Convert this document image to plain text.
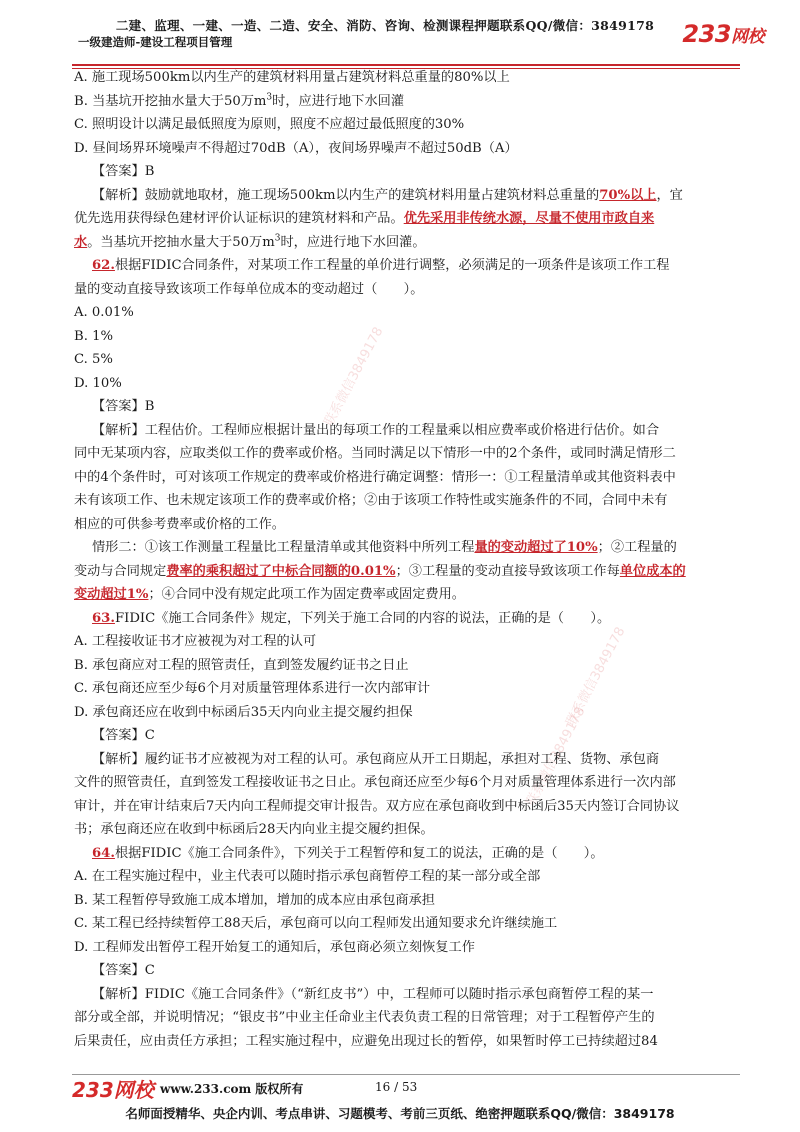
二建、监理、一建、一造、二造、安全、消防、咨询、检测课程押题联系QQ/微信：3849178
一级建造师-建设工程项目管理	233网校
联系微信3849178
联系微信3849178
联系微信3849178
A. 施工现场500km以内生产的建筑材料用量占建筑材料总重量的80%以上
B. 当基坑开挖抽水量大于50万$m^3$时，应进行地下水回灌
C. 照明设计以满足最低照度为原则，照度不应超过最低照度的30%
D. 昼间场界环境噪声不得超过70dB（A），夜间场界噪声不超过50dB（A）
【答案】B
【解析】鼓励就地取材，施工现场500km以内生产的建筑材料用量占建筑材料总重量的70%以上，宜
优先选用获得绿色建材评价认证标识的建筑材料和产品。优先采用非传统水源，尽量不使用市政自来
水。当基坑开挖抽水量大于50万$m^3$时，应进行地下水回灌。
62.根据FIDIC合同条件，对某项工作工程量的单价进行调整，必须满足的一项条件是该项工作工程
量的变动直接导致该项工作每单位成本的变动超过（　　）。
A. 0.01%
B. 1%
C. 5%
D. 10%
【答案】B
【解析】工程估价。工程师应根据计量出的每项工作的工程量乘以相应费率或价格进行估价。如合
同中无某项内容，应取类似工作的费率或价格。当同时满足以下情形一中的2个条件，或同时满足情形二
中的4个条件时，可对该项工作规定的费率或价格进行确定调整：情形一：①工程量清单或其他资料表中
未有该项工作、也未规定该项工作的费率或价格；②由于该项工作特性或实施条件的不同，合同中未有
相应的可供参考费率或价格的工作。
情形二：①该工作测量工程量比工程量清单或其他资料中所列工程量的变动超过了10%；②工程量的
变动与合同规定费率的乘积超过了中标合同额的0.01%；③工程量的变动直接导致该项工作每单位成本的
变动超过1%；④合同中没有规定此项工作为固定费率或固定费用。
63.FIDIC《施工合同条件》规定，下列关于施工合同的内容的说法，正确的是（　　）。
A. 工程接收证书才应被视为对工程的认可
B. 承包商应对工程的照管责任，直到签发履约证书之日止
C. 承包商还应至少每6个月对质量管理体系进行一次内部审计
D. 承包商还应在收到中标函后35天内向业主提交履约担保
【答案】C
【解析】履约证书才应被视为对工程的认可。承包商应从开工日期起，承担对工程、货物、承包商
文件的照管责任，直到签发工程接收证书之日止。承包商还应至少每6个月对质量管理体系进行一次内部
审计，并在审计结束后7天内向工程师提交审计报告。双方应在承包商收到中标函后35天内签订合同协议
书；承包商还应在收到中标函后28天内向业主提交履约担保。
64.根据FIDIC《施工合同条件》，下列关于工程暂停和复工的说法，正确的是（　　）。
A. 在工程实施过程中，业主代表可以随时指示承包商暂停工程的某一部分或全部
B. 某工程暂停导致施工成本增加，增加的成本应由承包商承担
C. 某工程已经持续暂停工88天后，承包商可以向工程师发出通知要求允许继续施工
D. 工程师发出暂停工程开始复工的通知后，承包商必须立刻恢复工作
【答案】C
【解析】FIDIC《施工合同条件》（“新红皮书”）中，工程师可以随时指示承包商暂停工程的某一
部分或全部，并说明情况；“银皮书”中业主任命业主代表负责工程的日常管理；对于工程暂停产生的
后果责任，应由责任方承担；工程实施过程中，应避免出现过长的暂停，如果暂时停工已持续超过84
233网校 www.233.com 版权所有	16 / 53
名师面授精华、央企内训、考点串讲、习题模考、考前三页纸、绝密押题联系QQ/微信：3849178
